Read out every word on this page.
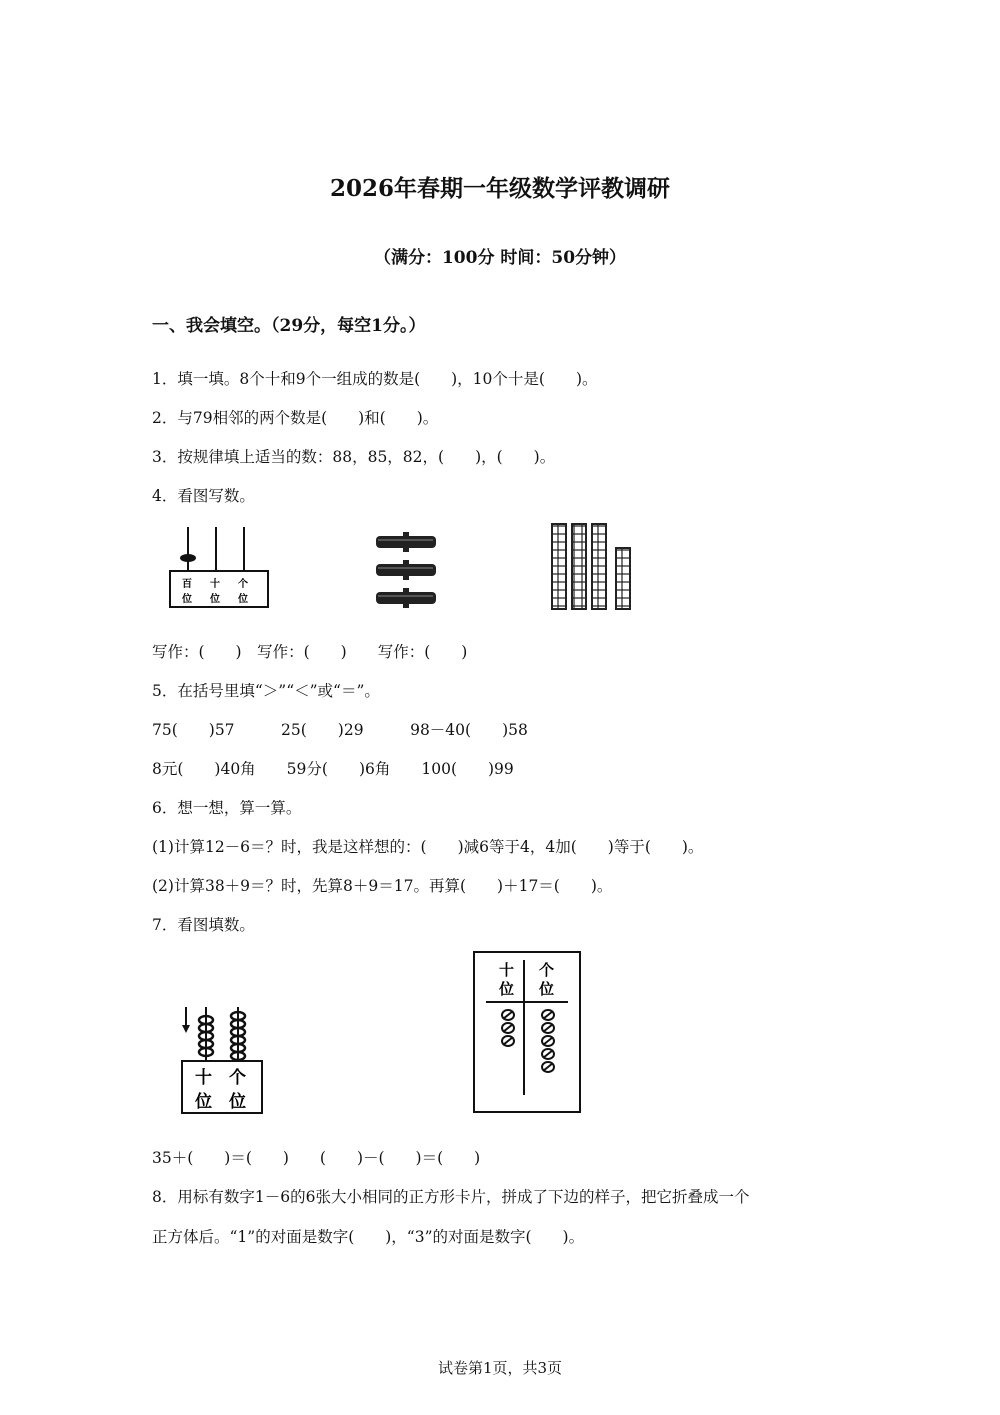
2026年春期一年级数学评教调研
（满分：100分 时间：50分钟）
一、我会填空。（29分，每空1分。）
1．填一填。8个十和9个一组成的数是(　　)，10个十是(　　)。
2．与79相邻的两个数是(　　)和(　　)。
3．按规律填上适当的数：88，85，82，(　　)，(　　)。
4．看图写数。
百
位
十
位
个
位
写作：(　　)　写作：(　　)　　写作：(　　)
5．在括号里填“＞”“＜”或“＝”。
75(　　)57　　　25(　　)29　　　98－40(　　)58
8元(　　)40角　　59分(　　)6角　　100(　　)99
6．想一想，算一算。
(1)计算12－6＝？时，我是这样想的：(　　)减6等于4，4加(　　)等于(　　)。
(2)计算38＋9＝？时，先算8＋9＝17。再算(　　)＋17＝(　　)。
7．看图填数。
十
位
个
位
十
位
个
位
35＋(　　)＝(　　)　　(　　)－(　　)＝(　　)
8．用标有数字1－6的6张大小相同的正方形卡片，拼成了下边的样子，把它折叠成一个
正方体后。“1”的对面是数字(　　)，“3”的对面是数字(　　)。
试卷第1页，共3页
